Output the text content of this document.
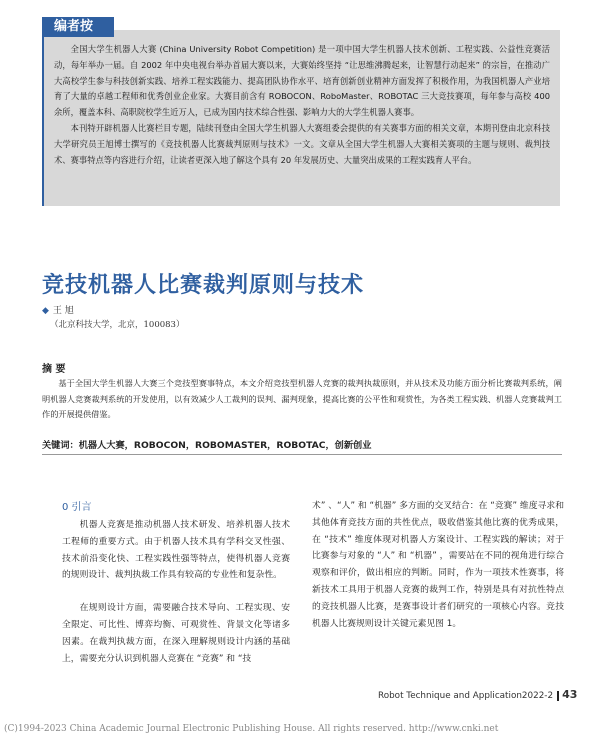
编者按

全国大学生机器人大赛 (China University Robot Competition) 是一项中国大学生机器人技术创新、工程实践、公益性竞赛活动，每年举办一届。自 2002 年中央电视台举办首届大赛以来，大赛始终坚持 “让思维沸腾起来，让智慧行动起来” 的宗旨，在推动广大高校学生参与科技创新实践、培养工程实践能力、提高团队协作水平、培育创新创业精神方面发挥了积极作用，为我国机器人产业培育了大量的卓越工程师和优秀创业企业家。大赛目前含有 ROBOCON、RoboMaster、ROBOTAC 三大竞技赛项，每年参与高校 400 余所，覆盖本科、高职院校学生近万人，已成为国内技术综合性强、影响力大的大学生机器人赛事。

本刊特开辟机器人比赛栏目专题，陆续刊登由全国大学生机器人大赛组委会提供的有关赛事方面的相关文章，本期刊登由北京科技大学研究员王旭博士撰写的《竞技机器人比赛裁判原则与技术》一文。文章从全国大学生机器人大赛相关赛项的主题与规则、裁判技术、赛事特点等内容进行介绍，让读者更深入地了解这个具有 20 年发展历史、大量突出成果的工程实践育人平台。

竞技机器人比赛裁判原则与技术
◆ 王 旭
（北京科技大学，北京，100083）
摘 要

基于全国大学生机器人大赛三个竞技型赛事特点，本文介绍竞技型机器人竞赛的裁判执裁原则，并从技术及功能方面分析比赛裁判系统，阐明机器人竞赛裁判系统的开发使用，以有效减少人工裁判的误判、漏判现象，提高比赛的公平性和观赏性，为各类工程实践、机器人竞赛裁判工作的开展提供借鉴。

关键词：机器人大赛，ROBOCON，ROBOMASTER，ROBOTAC，创新创业
0 引言

机器人竞赛是推动机器人技术研发、培养机器人技术工程师的重要方式。由于机器人技术具有学科交叉性强、技术前沿变化快、工程实践性强等特点，使得机器人竞赛的规则设计、裁判执裁工作具有较高的专业性和复杂性。

在规则设计方面，需要融合技术导向、工程实现、安全限定、可比性、博弈均衡、可观赏性、背景文化等诸多因素。在裁判执裁方面，在深入理解规则设计内涵的基础上，需要充分认识到机器人竞赛在 “竞赛” 和 “技

术” 、“人” 和 “机器” 多方面的交叉结合：在 “竞赛” 维度寻求和其他体育竞技方面的共性优点，吸收借鉴其他比赛的优秀成果，在 “技术” 维度体现对机器人方案设计、工程实践的解读；对于比赛参与对象的 “人” 和 “机器” ，需要站在不同的视角进行综合观察和评价，做出相应的判断。同时，作为一项技术性赛事，将新技术工具用于机器人竞赛的裁判工作，特别是具有对抗性特点的竞技机器人比赛，是赛事设计者们研究的一项核心内容。竞技机器人比赛规则设计关键元素见图 1。

Robot Technique and Application2022-2 43
(C)1994-2023 China Academic Journal Electronic Publishing House. All rights reserved. http://www.cnki.net
